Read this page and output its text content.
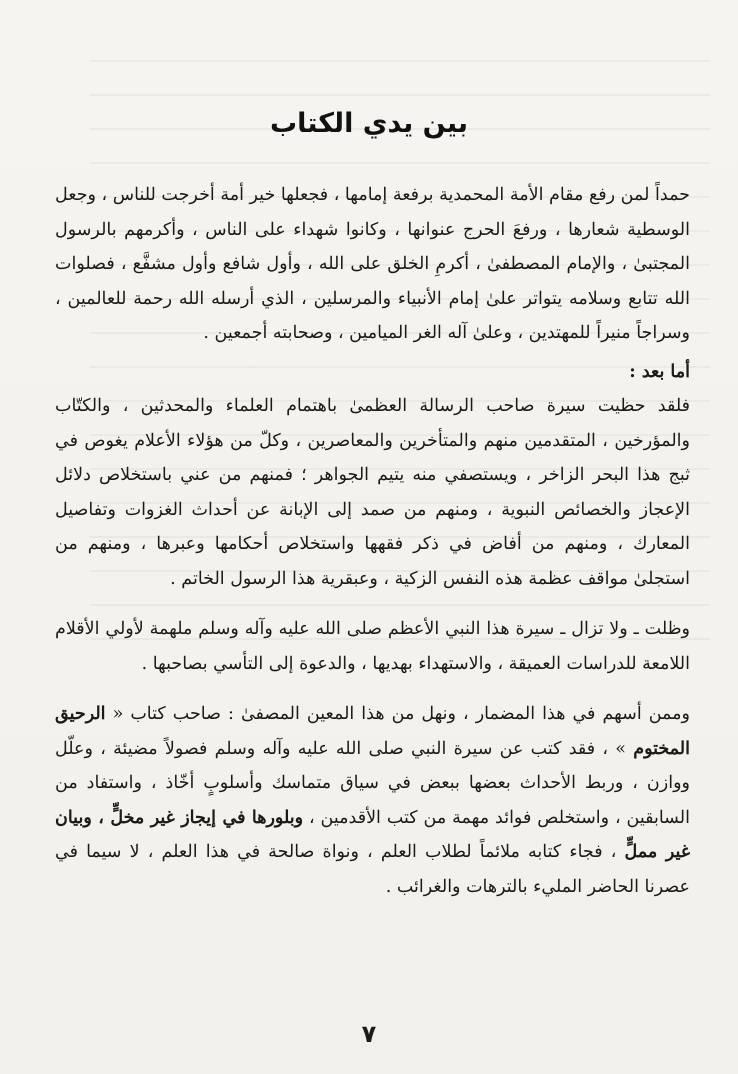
بين يدي الكتاب

حمداً لمن رفع مقام الأمة المحمدية برفعة إمامها ، فجعلها خير أمة أخرجت للناس ، وجعل الوسطية شعارها ، ورفعَ الحرج عنوانها ، وكانوا شهداء على الناس ، وأكرمهم بالرسول المجتبىٰ ، والإمام المصطفىٰ ، أكرمِ الخلق على الله ، وأول شافع وأول مشفَّع ، فصلوات الله تتابع وسلامه يتواتر علىٰ إمام الأنبياء والمرسلين ، الذي أرسله الله رحمة للعالمين ، وسراجاً منيراً للمهتدين ، وعلىٰ آله الغر الميامين ، وصحابته أجمعين .

أما بعد :

فلقد حظيت سيرة صاحب الرسالة العظمىٰ باهتمام العلماء والمحدثين ، والكتّاب والمؤرخين ، المتقدمين منهم والمتأخرين والمعاصرين ، وكلّ من هؤلاء الأعلام يغوص في ثبج هذا البحر الزاخر ، ويستصفي منه يتيم الجواهر ؛ فمنهم من عني باستخلاص دلائل الإعجاز والخصائص النبوية ، ومنهم من صمد إلى الإبانة عن أحداث الغزوات وتفاصيل المعارك ، ومنهم من أفاض في ذكر فقهها واستخلاص أحكامها وعبرها ، ومنهم من استجلىٰ مواقف عظمة هذه النفس الزكية ، وعبقرية هذا الرسول الخاتم .

وظلت ـ ولا تزال ـ سيرة هذا النبي الأعظم صلى الله عليه وآله وسلم ملهمة لأولي الأقلام اللامعة للدراسات العميقة ، والاستهداء بهديها ، والدعوة إلى التأسي بصاحبها .

وممن أسهم في هذا المضمار ، ونهل من هذا المعين المصفىٰ : صاحب كتاب « الرحيق المختوم » ، فقد كتب عن سيرة النبي صلى الله عليه وآله وسلم فصولاً مضيئة ، وعلّل ووازن ، وربط الأحداث بعضها ببعض في سياق متماسك وأسلوبٍ أخّاذ ، واستفاد من السابقين ، واستخلص فوائد مهمة من كتب الأقدمين ، وبلورها في إيجاز غير مخلٍّ ، وبيان غير مملٍّ ، فجاء كتابه ملائماً لطلاب العلم ، ونواة صالحة في هذا العلم ، لا سيما في عصرنا الحاضر المليء بالترهات والغرائب .

٧
